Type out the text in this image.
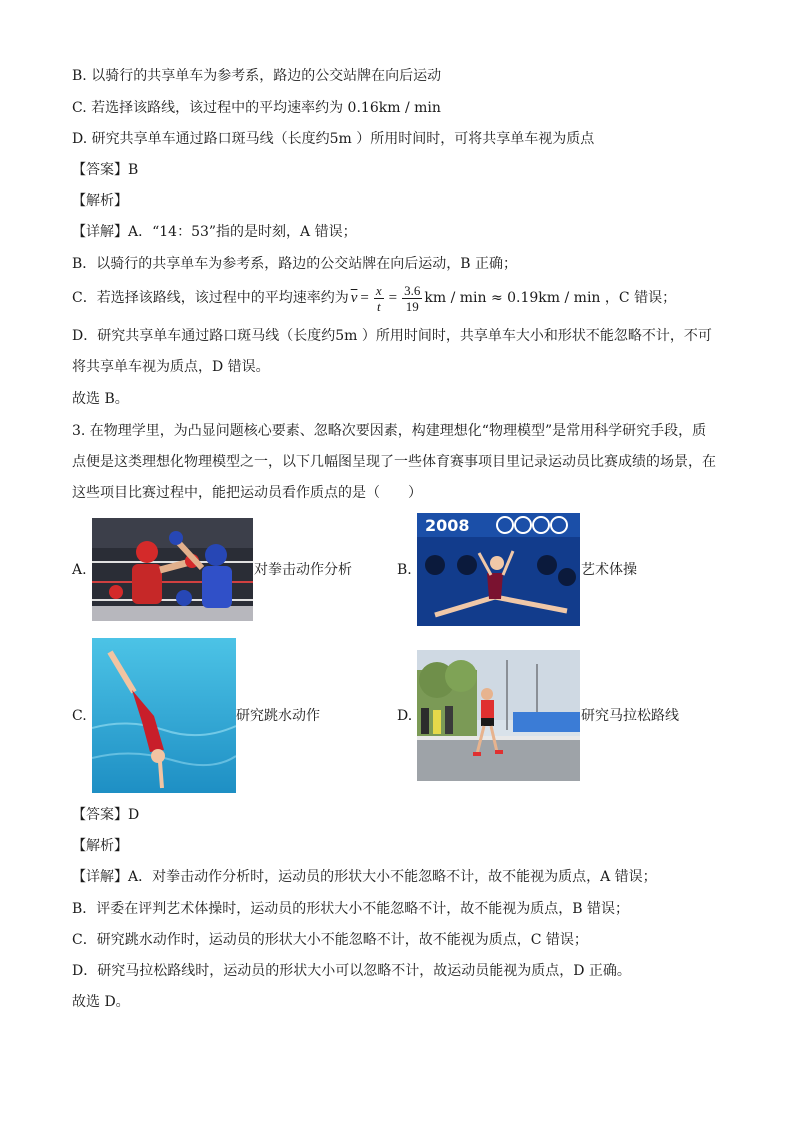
B. 以骑行的共享单车为参考系，路边的公交站牌在向后运动
C. 若选择该路线，该过程中的平均速率约为 0.16km / min
D. 研究共享单车通过路口斑马线（长度约5m ）所用时间时，可将共享单车视为质点
【答案】B
【解析】
【详解】A．“14：53”指的是时刻，A 错误；
B．以骑行的共享单车为参考系，路边的公交站牌在向后运动，B 正确；
C．若选择该路线，该过程中的平均速率约为 $\overline{v} = \frac{x}{t} = \frac{3.6}{19}$ km / min ≈ 0.19km / min ，C 错误；
D．研究共享单车通过路口斑马线（长度约5m ）所用时间时，共享单车大小和形状不能忽略不计，不可
将共享单车视为质点，D 错误。
故选 B。
3. 在物理学里，为凸显问题核心要素、忽略次要因素，构建理想化“物理模型”是常用科学研究手段，质
点便是这类理想化物理模型之一，以下几幅图呈现了一些体育赛事项目里记录运动员比赛成绩的场景，在
这些项目比赛过程中，能把运动员看作质点的是（　　）
A.	对拳击动作分析	B.
2008
艺术体操
C.	研究跳水动作	D.	研究马拉松路线
【答案】D
【解析】
【详解】A．对拳击动作分析时，运动员的形状大小不能忽略不计，故不能视为质点，A 错误；
B．评委在评判艺术体操时，运动员的形状大小不能忽略不计，故不能视为质点，B 错误；
C．研究跳水动作时，运动员的形状大小不能忽略不计，故不能视为质点，C 错误；
D．研究马拉松路线时，运动员的形状大小可以忽略不计，故运动员能视为质点，D 正确。
故选 D。
